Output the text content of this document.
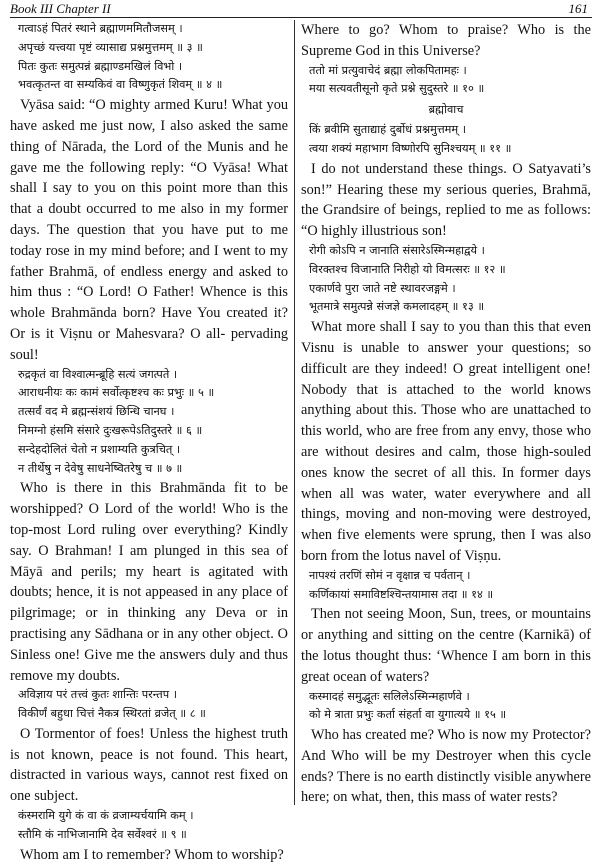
Book III Chapter II	161
गत्वाऽहं पितरं स्थाने ब्रह्माणममितौजसम् ।
अपृच्छं यत्त्वया पृष्टं व्यासाद्य प्रश्नमुत्तमम् ॥ ३ ॥
पितः कुतः समुत्पन्नं ब्रह्माण्डमखिलं विभो ।
भवत्कृतन्त वा सम्यकिवं वा विष्णुकृतं शिवम् ॥ ४ ॥
Vyāsa said: “O mighty armed Kuru! What you have asked me just now, I also asked the same thing of Nārada, the Lord of the Munis and he gave me the following reply: “O Vyāsa! What shall I say to you on this point more than this that a doubt occurred to me also in my former days. The question that you have put to me today rose in my mind before; and I went to my father Brahmā, of endless energy and asked to him thus : “O Lord! O Father! Whence is this whole Brahmānda born? Have You created it? Or is it Viṣnu or Mahesvara? O all- pervading soul!
रुद्रकृतं वा विश्वात्मन्ब्रूहि सत्यं जगत्पते ।
आराधनीयः कः कामं सर्वोत्कृष्टश्च कः प्रभुः ॥ ५ ॥
तत्सर्वं वद मे ब्रह्मन्संशयं छिन्धि चानघ ।
निमग्नो हंसमि संसारे दुःखरूपेऽतिदुस्तरे ॥ ६ ॥
सन्देहदोलितं चेतो न प्रशाम्यति कुत्रचित् ।
न तीर्थेषु न देवेषु साधनेष्वितरेषु च ॥ ७ ॥
Who is there in this Brahmānda fit to be worshipped? O Lord of the world! Who is the top-most Lord ruling over everything? Kindly say. O Brahman! I am plunged in this sea of Māyā and perils; my heart is agitated with doubts; hence, it is not appeased in any place of pilgrimage; or in thinking any Deva or in practising any Sādhana or in any other object. O Sinless one! Give me the answers duly and thus remove my doubts.
अविज्ञाय परं तत्त्वं कुतः शान्तिः परन्तप ।
विकीर्णं बहुधा चित्तं नैकत्र स्थिरतां व्रजेत् ॥ ८ ॥
O Tormentor of foes! Unless the highest truth is not known, peace is not found. This heart, distracted in various ways, cannot rest fixed on one subject.
कंस्मरामि युगे कं वा कं व्रजाम्यर्चयामि कम् ।
स्तौमि कं नाभिजानामि देव सर्वेश्वरं ॥ ९ ॥
Whom am I to remember? Whom to worship?
Where to go? Whom to praise? Who is the Supreme God in this Universe?
ततो मां प्रत्युवाचेदं ब्रह्मा लोकपितामहः ।
मया सत्यवतीसूनो कृते प्रश्ने सुदुस्तरे ॥ १० ॥
ब्रह्मोवाच
किं ब्रवीमि सुताद्याहं दुर्बोधं प्रश्नमुत्तमम् ।
त्वया शक्यं महाभाग विष्णोरपि सुनिश्चयम् ॥ ११ ॥
I do not understand these things. O Satyavati’s son!” Hearing these my serious queries, Brahmā, the Grandsire of beings, replied to me as follows: “O highly illustrious son!
रोगी कोऽपि न जानाति संसारेऽस्मिन्महाद्वये ।
विरक्तश्च विजानाति निरीहो यो विमत्सरः ॥ १२ ॥
एकार्णवे पुरा जाते नष्टे स्थावरजङ्गमे ।
भूतमात्रे समुत्पन्ने संजज्ञे कमलादहम् ॥ १३ ॥
What more shall I say to you than this that even Visnu is unable to answer your questions; so difficult are they indeed! O great intelligent one! Nobody that is attached to the world knows anything about this. Those who are unattached to this world, who are free from any envy, those who are without desires and calm, those high-souled ones know the secret of all this. In former days when all was water, water everywhere and all things, moving and non-moving were destroyed, when five elements were sprung, then I was also born from the lotus navel of Viṣṇu.
नापश्यं तरणिं सोमं न वृक्षान्न च पर्वतान् ।
कर्णिकायां समाविष्टश्चिन्तयामास तदा ॥ १४ ॥
Then not seeing Moon, Sun, trees, or mountains or anything and sitting on the centre (Karnikā) of the lotus thought thus: ‘Whence I am born in this great ocean of waters?
कस्मादहं समुद्भूतः सलिलेऽस्मिन्महार्णवे ।
को मे त्राता प्रभुः कर्ता संहर्ता वा युगात्यये ॥ १५ ॥
Who has created me? Who is now my Protector? And Who will be my Destroyer when this cycle ends? There is no earth distinctly visible anywhere here; on what, then, this mass of water rests?
